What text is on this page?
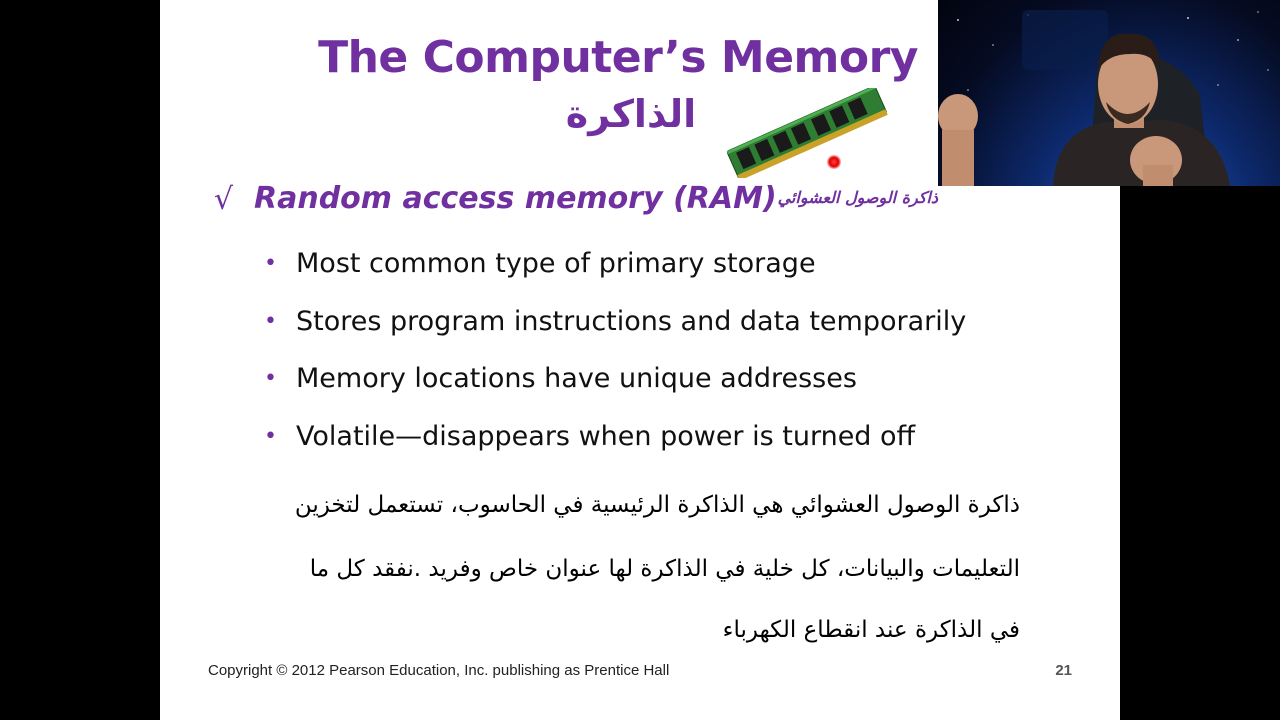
The Computer’s Memory
الذاكرة
√ Random access memory (RAM) ذاكرة الوصول العشوائي
• Most common type of primary storage
• Stores program instructions and data temporarily
• Memory locations have unique addresses
• Volatile—disappears when power is turned off
ذاكرة الوصول العشوائي هي الذاكرة الرئيسية في الحاسوب، تستعمل لتخزين
التعليمات والبيانات، كل خلية في الذاكرة لها عنوان خاص وفريد .نفقد كل ما
في الذاكرة عند انقطاع الكهرباء
Copyright © 2012 Pearson Education, Inc. publishing as Prentice Hall	21
